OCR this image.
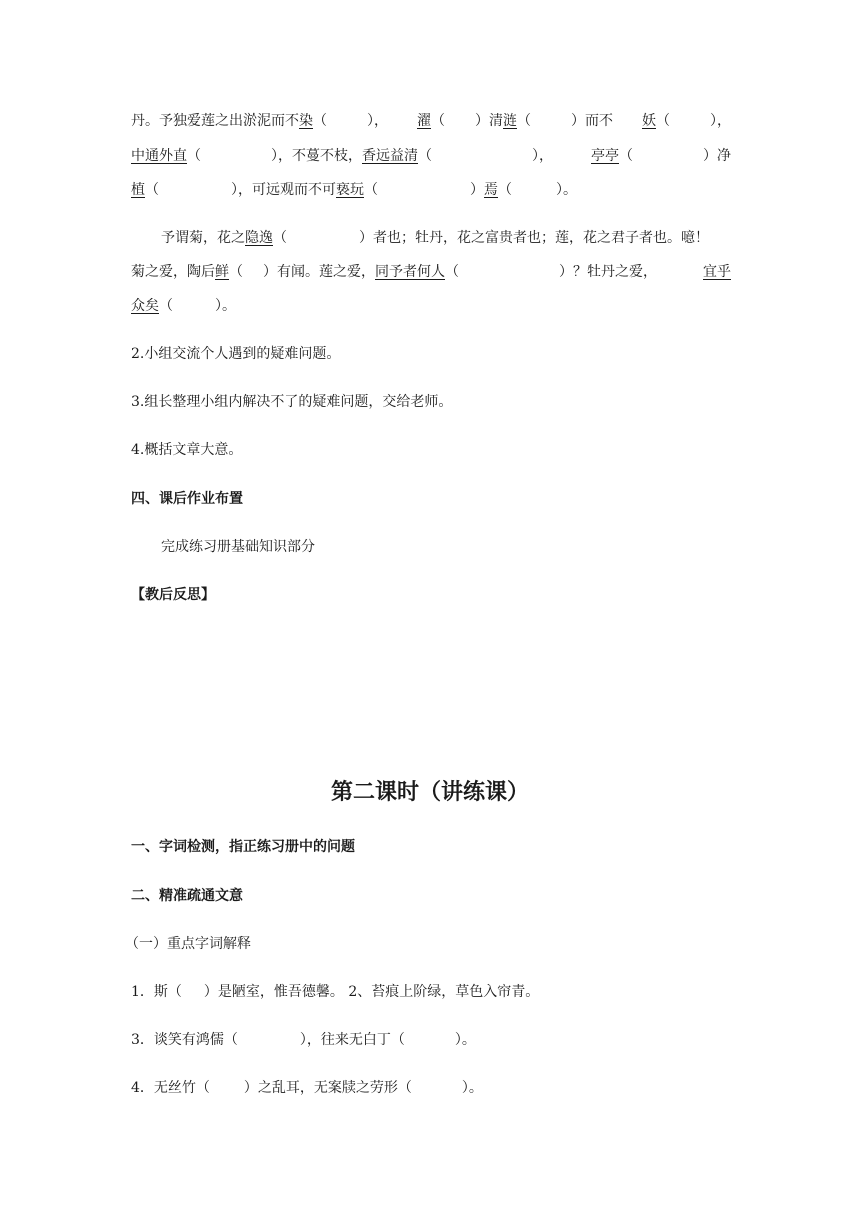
丹。予独爱莲之出淤泥而不染（	）， 濯（ ）清涟（	）而不 妖（	），
中通外直（	），不蔓不枝，香远益清（	），	亭亭（	）净
植（	），可远观而不可亵玩（	）焉（	）。
予谓菊，花之隐逸（	）者也；牡丹，花之富贵者也；莲，花之君子者也。噫！
菊之爱，陶后鲜（ ）有闻。莲之爱，同予者何人（	）？牡丹之爱，	宜乎
众矣（	）。
2.小组交流个人遇到的疑难问题。
3.组长整理小组内解决不了的疑难问题，交给老师。
4.概括文章大意。
四、课后作业布置
完成练习册基础知识部分
【教后反思】
第二课时（讲练课）
一、字词检测，指正练习册中的问题
二、精准疏通文意
（一）重点字词解释
1．斯（ ）是陋室，惟吾德馨。 2、苔痕上阶绿，草色入帘青。
3．谈笑有鸿儒（	），往来无白丁（	）。
4．无丝竹（ ）之乱耳，无案牍之劳形（	）。
